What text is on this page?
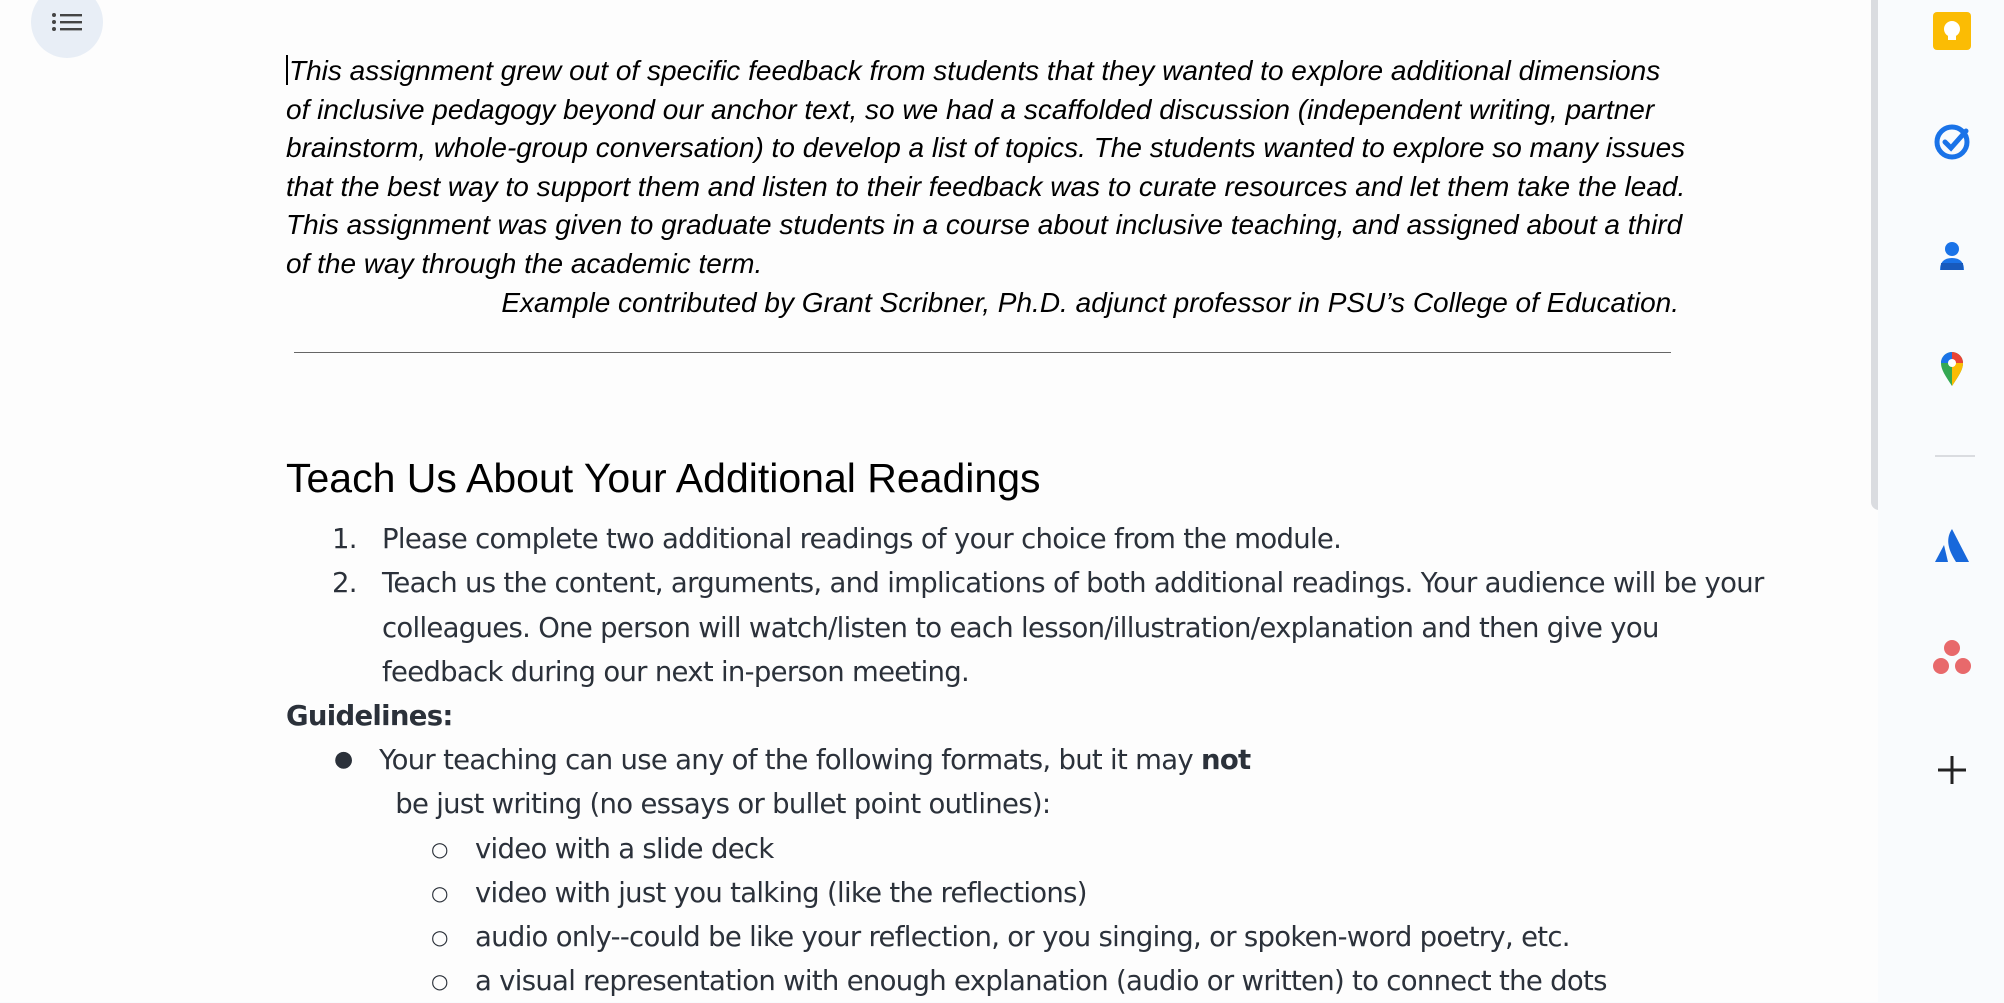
This assignment grew out of specific feedback from students that they wanted to explore additional dimensions of inclusive pedagogy beyond our anchor text, so we had a scaffolded discussion (independent writing, partner brainstorm, whole-group conversation) to develop a list of topics. The students wanted to explore so many issues that the best way to support them and listen to their feedback was to curate resources and let them take the lead. This assignment was given to graduate students in a course about inclusive teaching, and assigned about a third of the way through the academic term.

Example contributed by Grant Scribner, Ph.D. adjunct professor in PSU’s College of Education.

Teach Us About Your Additional Readings
1. Please complete two additional readings of your choice from the module.
2. Teach us the content, arguments, and implications of both additional readings. Your audience will be your colleagues. One person will watch/listen to each lesson/illustration/explanation and then give you feedback during our next in-person meeting.
Guidelines:
● Your teaching can use any of the following formats, but it may not  be just writing (no essays or bullet point outlines):
○ video with a slide deck
○ video with just you talking (like the reflections)
○ audio only--could be like your reflection, or you singing, or spoken-word poetry, etc.
○ a visual representation with enough explanation (audio or written) to connect the dots
